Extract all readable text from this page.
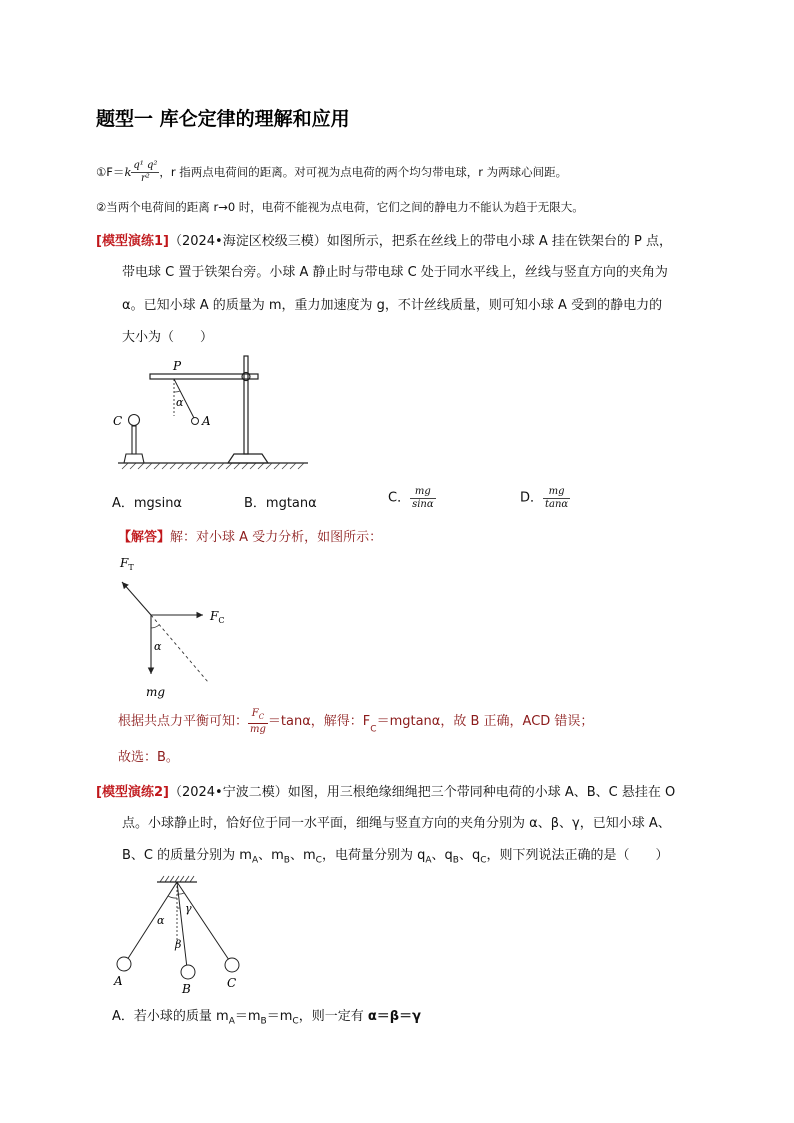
题型一 库仑定律的理解和应用
①F＝k $\frac{\text{q¹ q²}}{\text{r²}}$ ，r 指两点电荷间的距离。对可视为点电荷的两个均匀带电球，r 为两球心间距。
②当两个电荷间的距离 r→0 时，电荷不能视为点电荷，它们之间的静电力不能认为趋于无限大。
[模型演练1]（2024•海淀区校级三模）如图所示，把系在丝线上的带电小球 A 挂在铁架台的 P 点，
带电球 C 置于铁架台旁。小球 A 静止时与带电球 C 处于同水平线上，丝线与竖直方向的夹角为
α。已知小球 A 的质量为 m，重力加速度为 g，不计丝线质量，则可知小球 A 受到的静电力的
大小为（　　）
P
C	A
α
A．mgsinα	B．mgtanα	C． $\frac{mg}{\sin\alpha}$	D． $\frac{mg}{\tan\alpha}$
【解答】解：对小球 A 受力分析，如图所示：
$F_T$
$F_C$
mg
α
根据共点力平衡可知： $\frac{F_C}{mg} =\tan\alpha$，解得：$F_C=mgtan\alpha$，故 B 正确，ACD 错误；
故选：B。
[模型演练2]（2024•宁波二模）如图，用三根绝缘细绳把三个带同种电荷的小球 A、B、C 悬挂在 O
点。小球静止时，恰好位于同一水平面，细绳与竖直方向的夹角分别为 α、β、γ，已知小球 A、
B、C 的质量分别为 $m_A$、$m_B$、$m_C$，电荷量分别为 $q_A$、$q_B$、$q_C$，则下列说法正确的是（　　）
α
β
γ
A
B	C
A．若小球的质量 $m_A=m_B=m_C$，则一定有 α＝β＝γ
